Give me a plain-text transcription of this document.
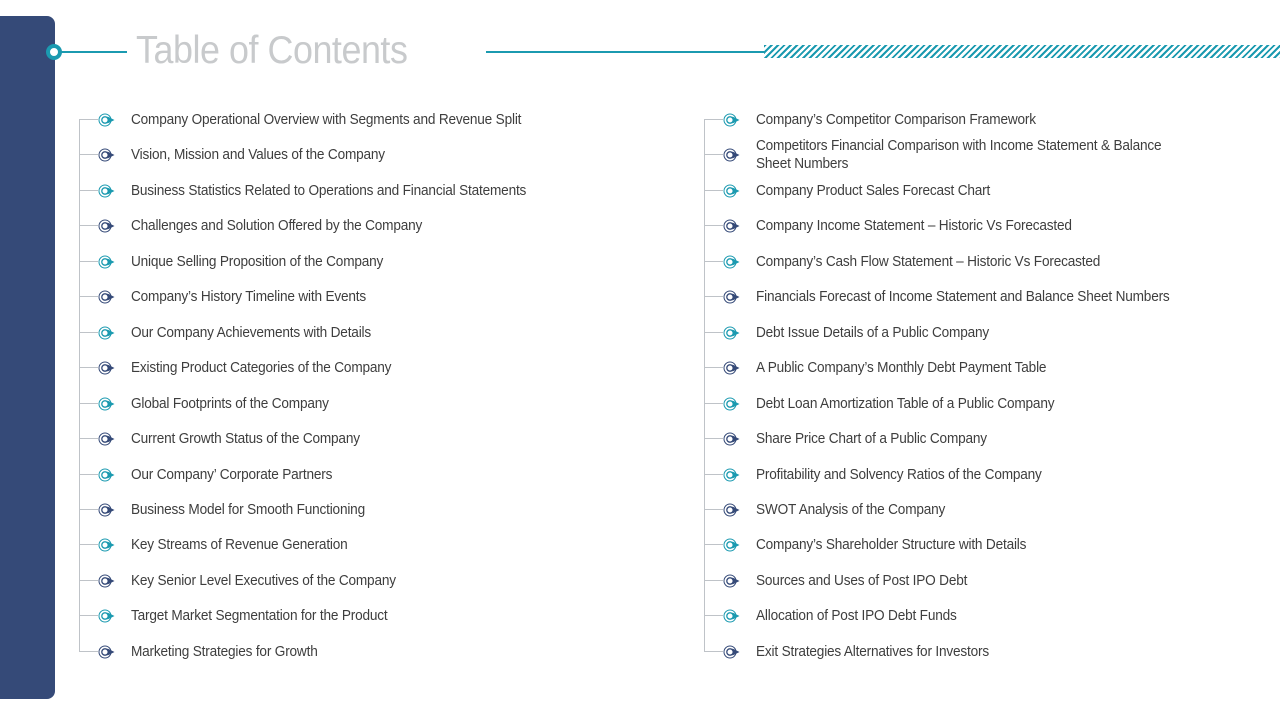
Table of Contents
Company Operational Overview with Segments and Revenue Split
Vision, Mission and Values of the Company
Business Statistics Related to Operations and Financial Statements
Challenges and Solution Offered by the Company
Unique Selling Proposition of the Company
Company’s History Timeline with Events
Our Company Achievements with Details
Existing Product Categories of the Company
Global Footprints of the Company
Current Growth Status of the Company
Our Company’ Corporate Partners
Business Model for Smooth Functioning
Key Streams of Revenue Generation
Key Senior Level Executives of the Company
Target Market Segmentation for the Product
Marketing Strategies for Growth
Company’s Competitor Comparison Framework
Competitors Financial Comparison with Income Statement & Balance Sheet Numbers
Company Product Sales Forecast Chart
Company Income Statement – Historic Vs Forecasted
Company’s Cash Flow Statement – Historic Vs Forecasted
Financials Forecast of Income Statement and Balance Sheet Numbers
Debt Issue Details of a Public Company
A Public Company’s Monthly Debt Payment Table
Debt Loan Amortization Table of a Public Company
Share Price Chart of a Public Company
Profitability and Solvency Ratios of the Company
SWOT Analysis of the Company
Company’s Shareholder Structure with Details
Sources and Uses of Post IPO Debt
Allocation of Post IPO Debt Funds
Exit Strategies Alternatives for Investors
